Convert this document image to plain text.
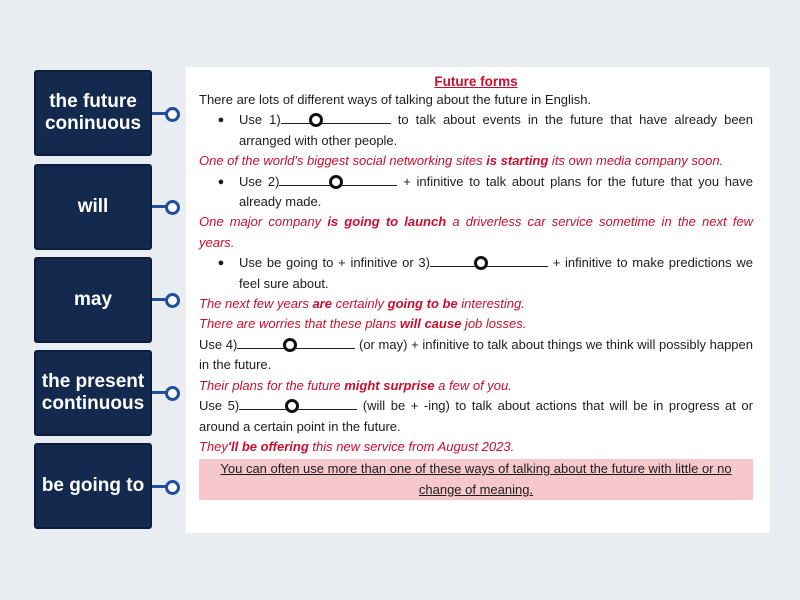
the future coninuous
will
may
the present continuous
be going to
Future forms

There are lots of different ways of talking about the future in English.

●	Use 1)	to talk about events in the future that have already been arranged with other people.

One of the world's biggest social networking sites is starting its own media company soon.

●	Use 2)	+ infinitive to talk about plans for the future that you have already made.

One major company is going to launch a driverless car service sometime in the next few years.

●	Use be going to + infinitive or 3)	+ infinitive to make predictions we feel sure about.

The next few years are certainly going to be interesting.

There are worries that these plans will cause job losses.

Use 4)	(or may) + infinitive to talk about things we think will possibly happen in the future.

Their plans for the future might surprise a few of you.

Use 5)	(will be + -ing) to talk about actions that will be in progress at or around a certain point in the future.

They'll be offering this new service from August 2023.

You can often use more than one of these ways of talking about the future with little or no change of meaning.
